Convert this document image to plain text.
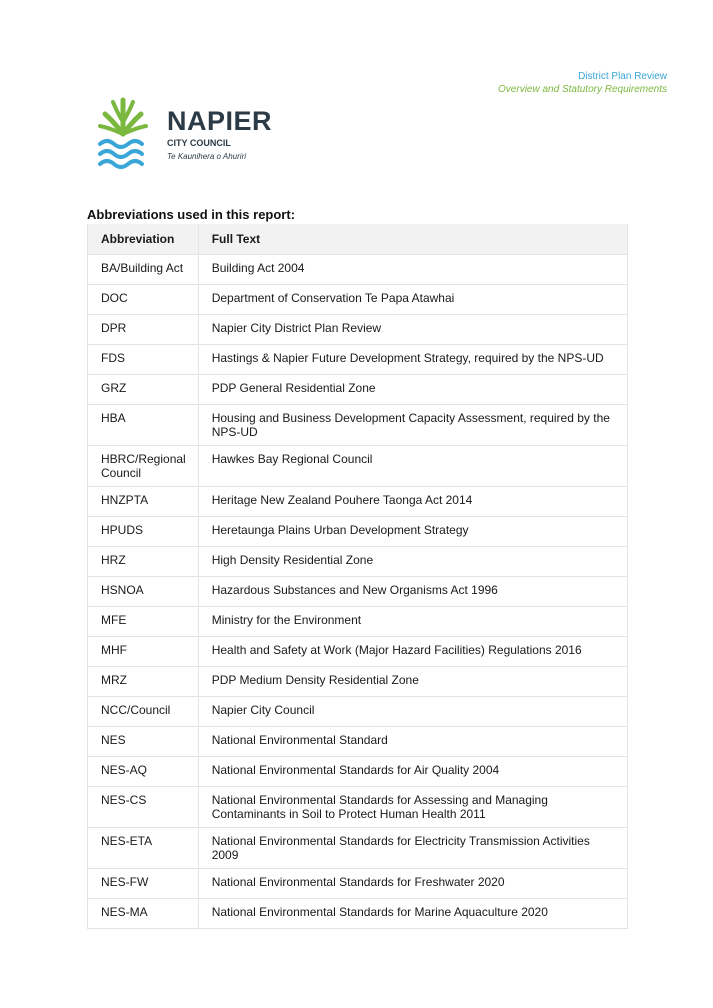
District Plan Review
Overview and Statutory Requirements
NAPIER
CITY COUNCIL
Te Kaunihera o Ahuriri
Abbreviations used in this report:
Abbreviation	Full Text
BA/Building Act	Building Act 2004
DOC	Department of Conservation Te Papa Atawhai
DPR	Napier City District Plan Review
FDS	Hastings & Napier Future Development Strategy, required by the NPS-UD
GRZ	PDP General Residential Zone
HBA	Housing and Business Development Capacity Assessment, required by the NPS-UD
HBRC/Regional Council	Hawkes Bay Regional Council
HNZPTA	Heritage New Zealand Pouhere Taonga Act 2014
HPUDS	Heretaunga Plains Urban Development Strategy
HRZ	High Density Residential Zone
HSNOA	Hazardous Substances and New Organisms Act 1996
MFE	Ministry for the Environment
MHF	Health and Safety at Work (Major Hazard Facilities) Regulations 2016
MRZ	PDP Medium Density Residential Zone
NCC/Council	Napier City Council
NES	National Environmental Standard
NES-AQ	National Environmental Standards for Air Quality 2004
NES-CS	National Environmental Standards for Assessing and Managing Contaminants in Soil to Protect Human Health 2011
NES-ETA	National Environmental Standards for Electricity Transmission Activities 2009
NES-FW	National Environmental Standards for Freshwater 2020
NES-MA	National Environmental Standards for Marine Aquaculture 2020
